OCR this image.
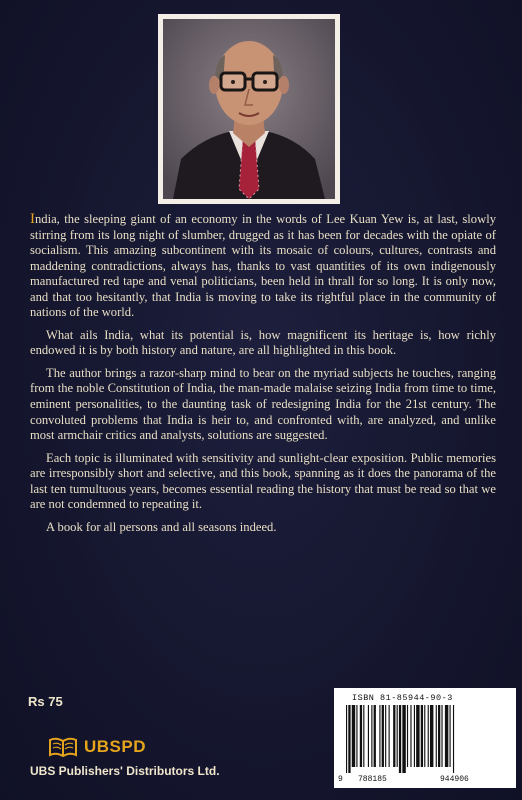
India, the sleeping giant of an economy in the words of Lee Kuan Yew is, at last, slowly stirring from its long night of slumber, drugged as it has been for decades with the opiate of socialism. This amazing subcontinent with its mosaic of colours, cultures, contrasts and maddening contradictions, always has, thanks to vast quantities of its own indigenously manufactured red tape and venal politicians, been held in thrall for so long. It is only now, and that too hesitantly, that India is moving to take its rightful place in the community of nations of the world.

What ails India, what its potential is, how magnificent its heritage is, how richly endowed it is by both history and nature, are all highlighted in this book.

The author brings a razor-sharp mind to bear on the myriad subjects he touches, ranging from the noble Constitution of India, the man-made malaise seizing India from time to time, eminent personalities, to the daunting task of redesigning India for the 21st century. The convoluted problems that India is heir to, and confronted with, are analyzed, and unlike most armchair critics and analysts, solutions are suggested.

Each topic is illuminated with sensitivity and sunlight-clear exposition. Public memories are irresponsibly short and selective, and this book, spanning as it does the panorama of the last ten tumultuous years, becomes essential reading the history that must be read so that we are not condemned to repeating it.

A book for all persons and all seasons indeed.

Rs 75
UBSPD
UBS Publishers' Distributors Ltd.
ISBN 81-85944-90-3
9 788185	944906
